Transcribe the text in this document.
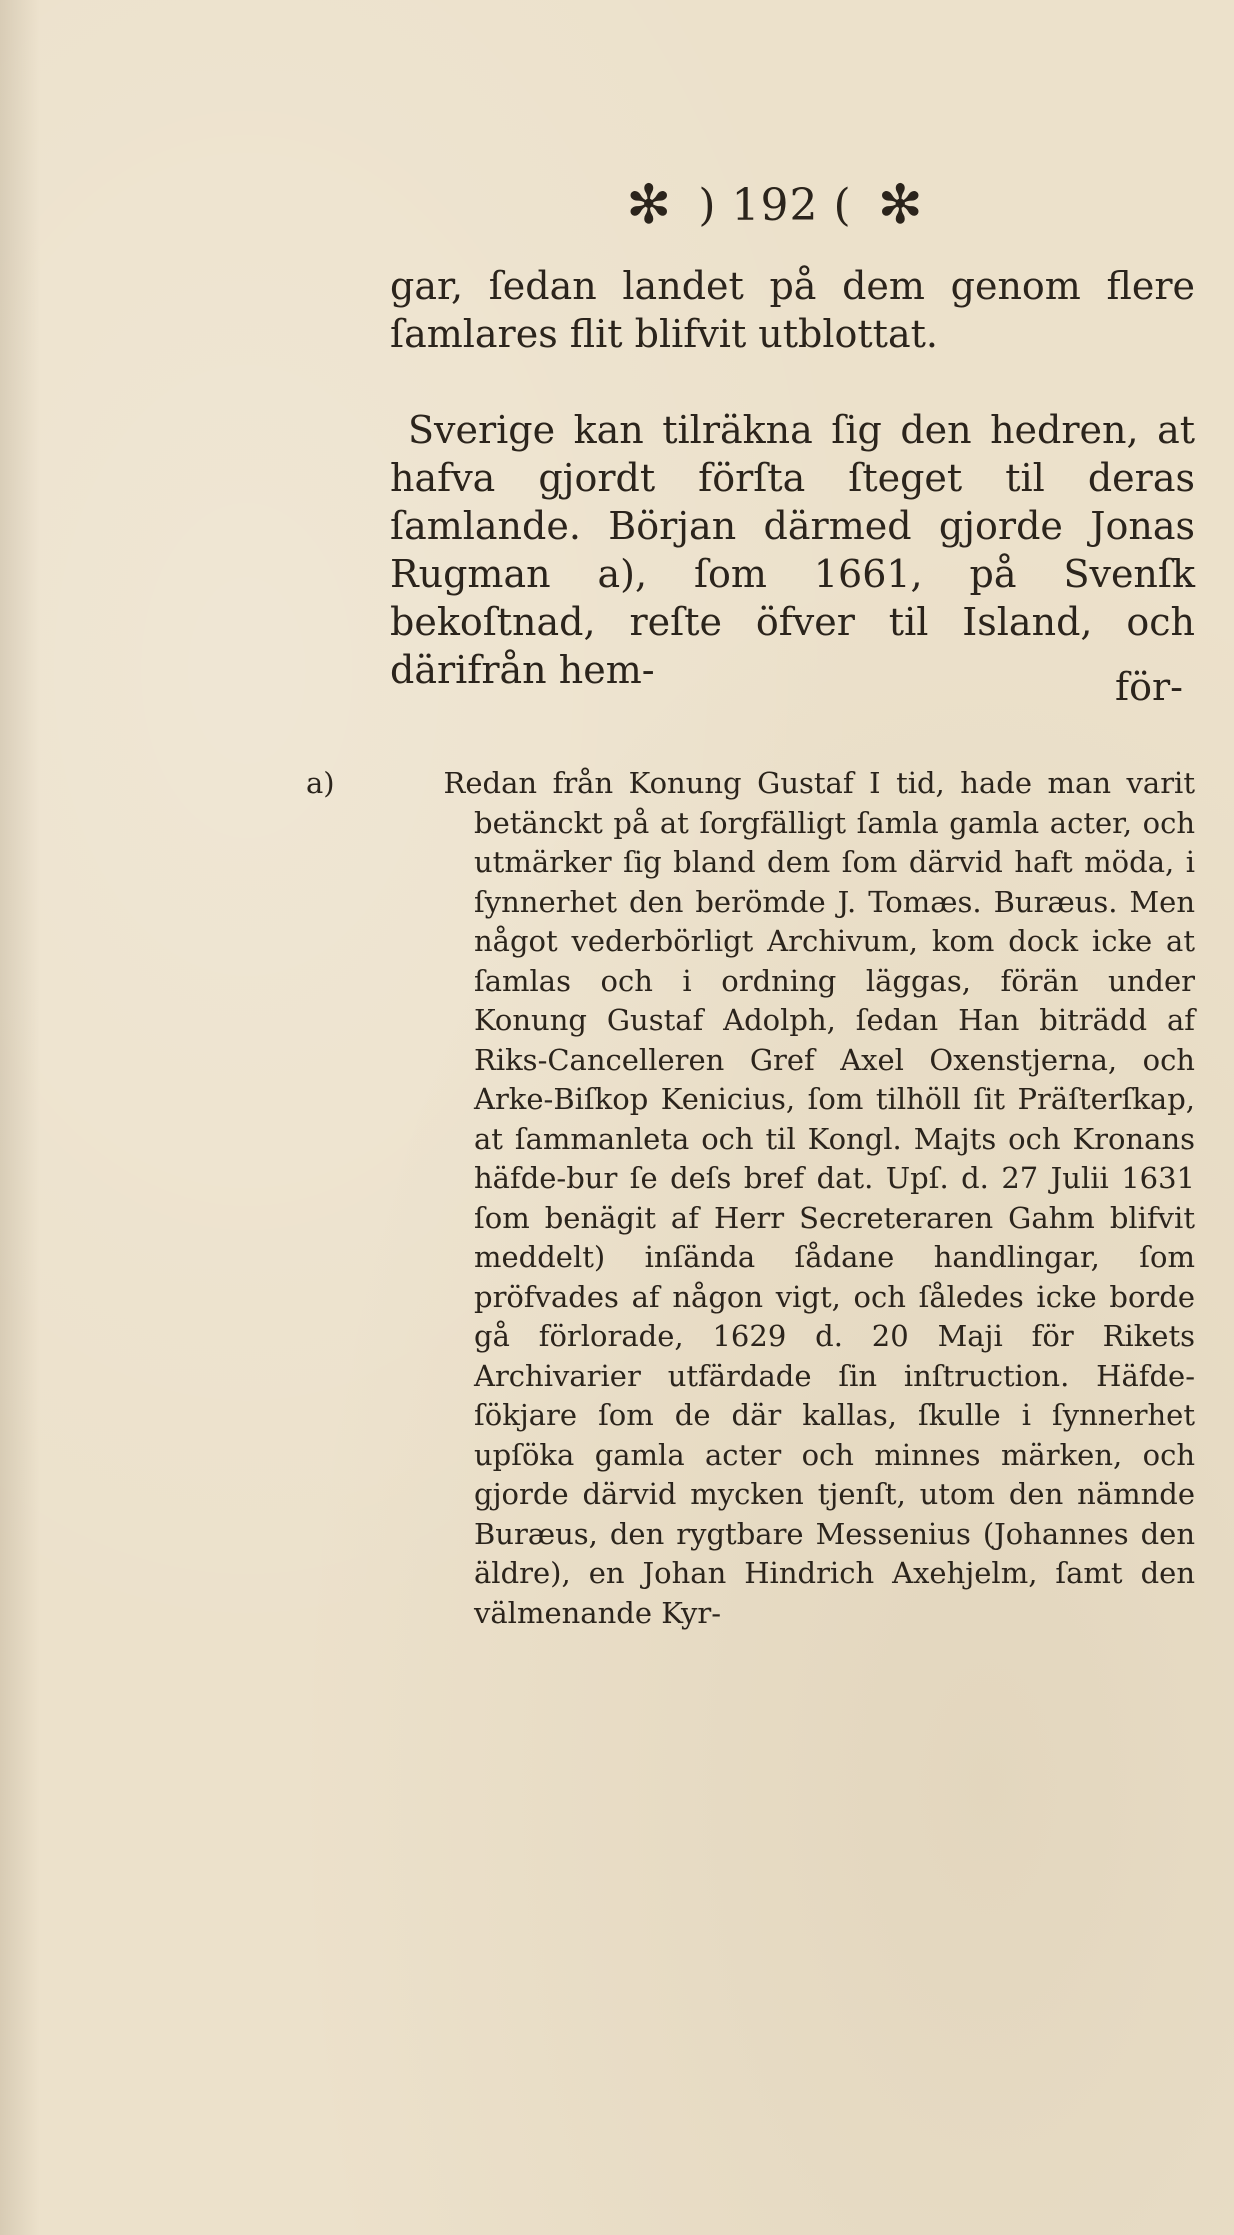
✻ ) 192 ( ✻

gar, ſedan landet på dem genom flere ſamlares flit blifvit utblottat.

Sverige kan tilräkna ſig den hedren, at hafva gjordt förſta ſteget til deras ſamlande. Början därmed gjorde Jonas Rugman a), ſom 1661, på Svenſk bekoſtnad, reſte öfver til Island, och därifrån hem-	för-
a)	Redan från Konung Gustaf I tid, hade man varit betänckt på at ſorgfälligt ſamla gamla acter, och utmärker ſig bland dem ſom därvid haft möda, i ſynnerhet den berömde J. Tomæs. Buræus. Men något vederbörligt Archivum, kom dock icke at ſamlas och i ordning läggas, förän under Konung Gustaf Adolph, ſedan Han biträdd af Riks-Cancelleren Gref Axel Oxenstjerna, och Arke-Biſkop Kenicius, ſom tilhöll ſit Präſterſkap, at ſammanleta och til Kongl. Majts och Kronans häfde-bur ſe deſs bref dat. Upſ. d. 27 Julii 1631 ſom benägit af Herr Secreteraren Gahm blifvit meddelt) inſända ſådane handlingar, ſom pröfvades af någon vigt, och ſåledes icke borde gå förlorade, 1629 d. 20 Maji för Rikets Archivarier utfärdade ſin inſtruction. Häfde-ſökjare ſom de där kallas, ſkulle i ſynnerhet upſöka gamla acter och minnes märken, och gjorde därvid mycken tjenſt, utom den nämnde Buræus, den rygtbare Messenius (Johannes den äldre), en Johan Hindrich Axehjelm, ſamt den välmenande Kyr-
